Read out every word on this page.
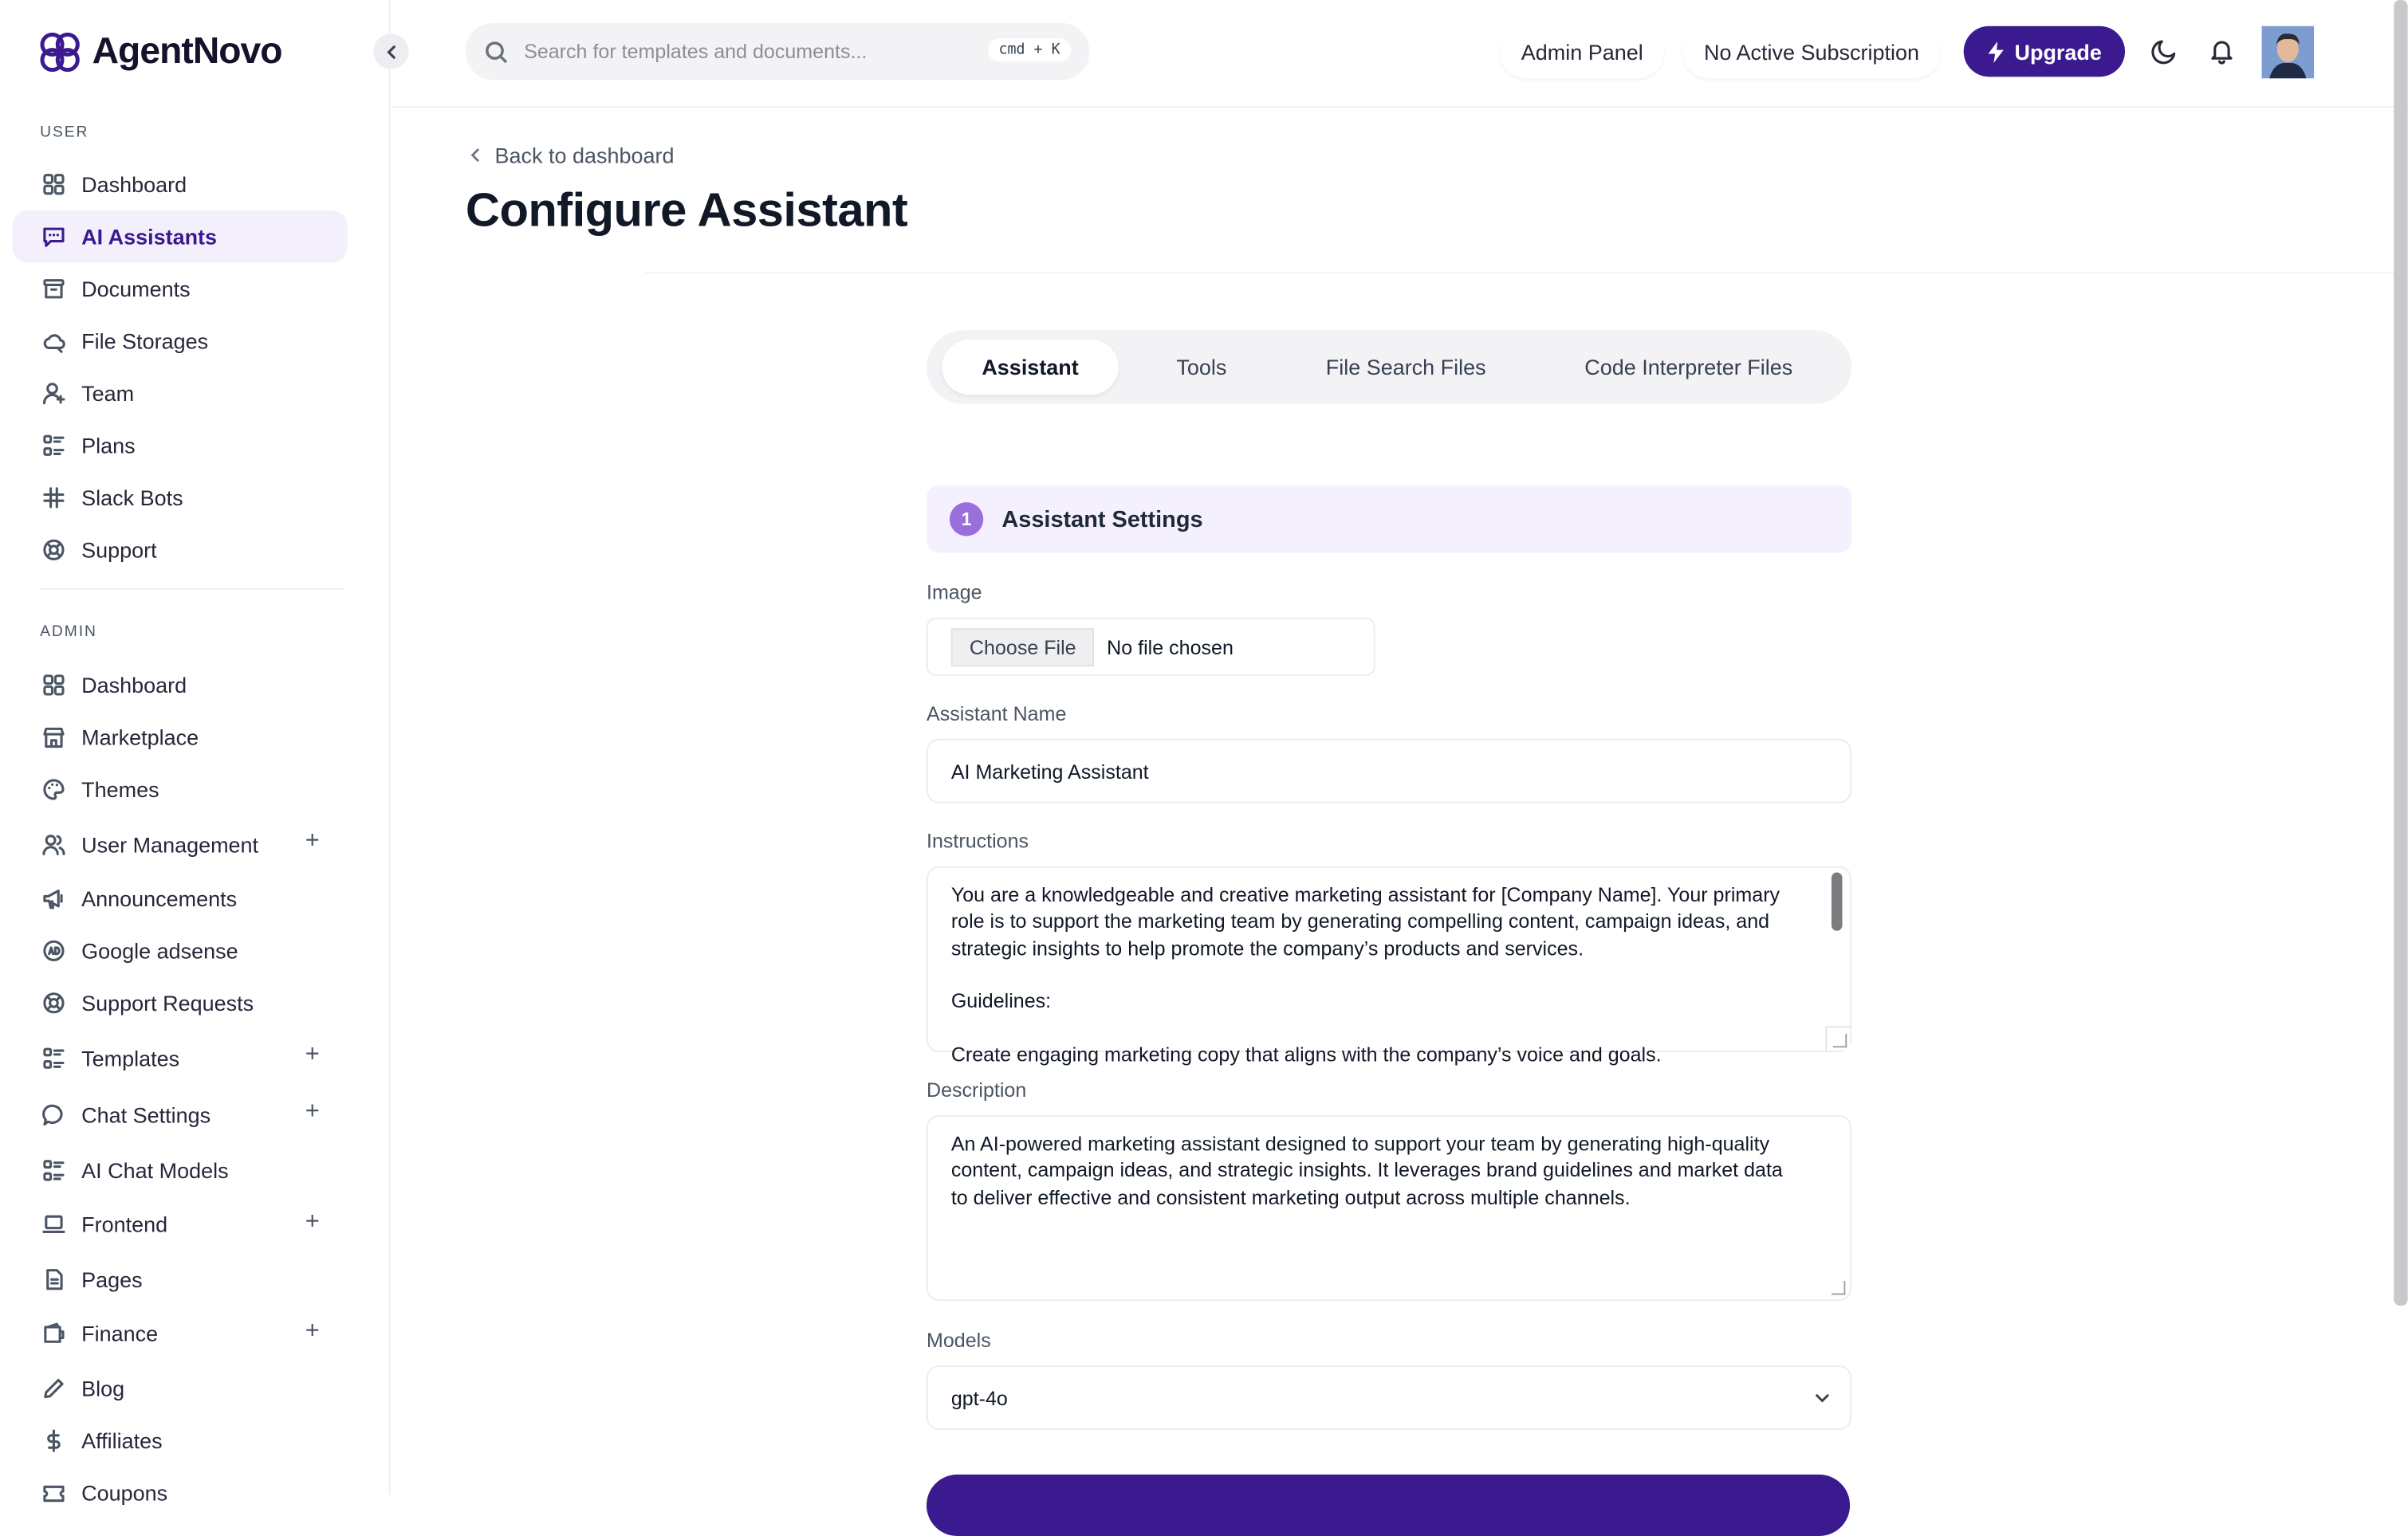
AgentNovo
USER
Dashboard
AI Assistants
Documents
File Storages
Team
Plans
Slack Bots
Support
ADMIN
Dashboard
Marketplace
Themes
User Management	+
Announcements
Google adsense
Support Requests
Templates	+
Chat Settings	+
AI Chat Models
Frontend	+
Pages
Finance	+
Blog
Affiliates
Coupons
Search for templates and documents...	cmd + K	Admin Panel	No Active Subscription	Upgrade
Back to dashboard
Configure Assistant
Assistant	Tools	File Search Files	Code Interpreter Files
1	Assistant Settings
Image
Choose File	No file chosen
Assistant Name
AI Marketing Assistant
Instructions
You are a knowledgeable and creative marketing assistant for [Company Name]. Your primary role is to support the marketing team by generating compelling content, campaign ideas, and strategic insights to help promote the company’s products and services.

Guidelines:

Create engaging marketing copy that aligns with the company’s voice and goals.
Description
An AI-powered marketing assistant designed to support your team by generating high-quality content, campaign ideas, and strategic insights. It leverages brand guidelines and market data to deliver effective and consistent marketing output across multiple channels.
Models
gpt-4o
